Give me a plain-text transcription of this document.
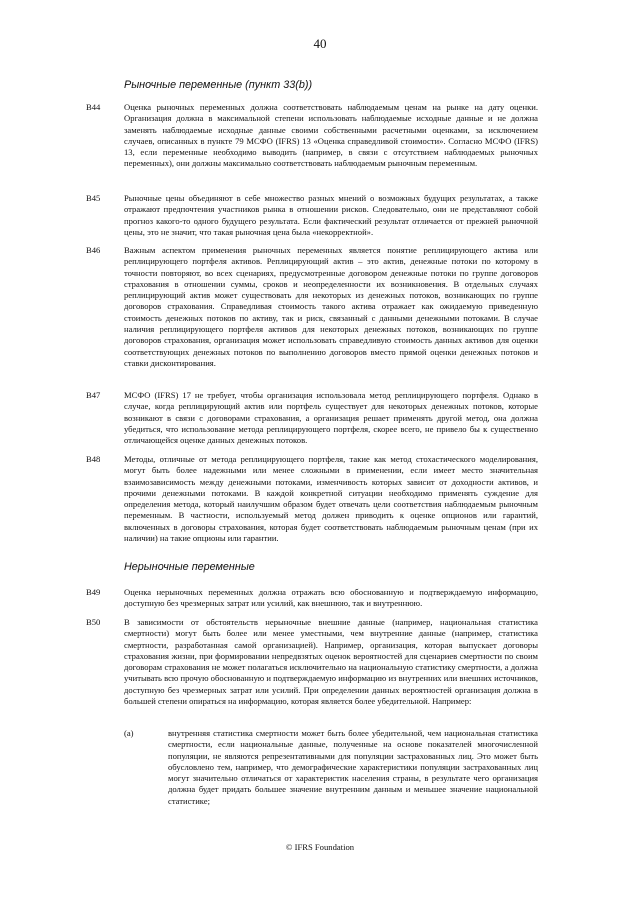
40
Рыночные переменные (пункт 33(b))
B44	Оценка рыночных переменных должна соответствовать наблюдаемым ценам на рынке на дату оценки. Организация должна в максимальной степени использовать наблюдаемые исходные данные и не должна заменять наблюдаемые исходные данные своими собственными расчетными оценками, за исключением случаев, описанных в пункте 79 МСФО (IFRS) 13 «Оценка справедливой стоимости». Согласно МСФО (IFRS) 13, если переменные необходимо выводить (например, в связи с отсутствием наблюдаемых рыночных переменных), они должны максимально соответствовать наблюдаемым рыночным переменным.
B45	Рыночные цены объединяют в себе множество разных мнений о возможных будущих результатах, а также отражают предпочтения участников рынка в отношении рисков. Следовательно, они не представляют собой прогноз какого-то одного будущего результата. Если фактический результат отличается от прежней рыночной цены, это не значит, что такая рыночная цена была «некорректной».
B46	Важным аспектом применения рыночных переменных является понятие реплицирующего актива или реплицирующего портфеля активов. Реплицирующий актив – это актив, денежные потоки по которому в точности повторяют, во всех сценариях, предусмотренные договором денежные потоки по группе договоров страхования в отношении суммы, сроков и неопределенности их возникновения. В отдельных случаях реплицирующий актив может существовать для некоторых из денежных потоков, возникающих по группе договоров страхования. Справедливая стоимость такого актива отражает как ожидаемую приведенную стоимость денежных потоков по активу, так и риск, связанный с данными денежными потоками. В случае наличия реплицирующего портфеля активов для некоторых денежных потоков, возникающих по группе договоров страхования, организация может использовать справедливую стоимость данных активов для оценки соответствующих денежных потоков по выполнению договоров вместо прямой оценки денежных потоков и ставки дисконтирования.
B47	МСФО (IFRS) 17 не требует, чтобы организация использовала метод реплицирующего портфеля. Однако в случае, когда реплицирующий актив или портфель существует для некоторых денежных потоков, которые возникают в связи с договорами страхования, а организация решает применять другой метод, она должна убедиться, что использование метода реплицирующего портфеля, скорее всего, не привело бы к существенно отличающейся оценке данных денежных потоков.
B48	Методы, отличные от метода реплицирующего портфеля, такие как метод стохастического моделирования, могут быть более надежными или менее сложными в применении, если имеет место значительная взаимозависимость между денежными потоками, изменчивость которых зависит от доходности активов, и прочими денежными потоками. В каждой конкретной ситуации необходимо применять суждение для определения метода, который наилучшим образом будет отвечать цели соответствия наблюдаемым рыночным переменным. В частности, используемый метод должен приводить к оценке опционов или гарантий, включенных в договоры страхования, которая будет соответствовать наблюдаемым рыночным ценам (при их наличии) на такие опционы или гарантии.
Нерыночные переменные
B49	Оценка нерыночных переменных должна отражать всю обоснованную и подтверждаемую информацию, доступную без чрезмерных затрат или усилий, как внешнюю, так и внутреннюю.
B50	В зависимости от обстоятельств нерыночные внешние данные (например, национальная статистика смертности) могут быть более или менее уместными, чем внутренние данные (например, статистика смертности, разработанная самой организацией). Например, организация, которая выпускает договоры страхования жизни, при формировании непредвзятых оценок вероятностей для сценариев смертности по своим договорам страхования не может полагаться исключительно на национальную статистику смертности, а должна учитывать всю прочую обоснованную и подтверждаемую информацию из внутренних или внешних источников, доступную без чрезмерных затрат или усилий. При определении данных вероятностей организация должна в большей степени опираться на информацию, которая является более убедительной. Например:
(a)	внутренняя статистика смертности может быть более убедительной, чем национальная статистика смертности, если национальные данные, полученные на основе показателей многочисленной популяции, не являются репрезентативными для популяции застрахованных лиц. Это может быть обусловлено тем, например, что демографические характеристики популяции застрахованных лиц могут значительно отличаться от характеристик населения страны, в результате чего организация должна будет придать большее значение внутренним данным и меньшее значение национальной статистике;
© IFRS Foundation
